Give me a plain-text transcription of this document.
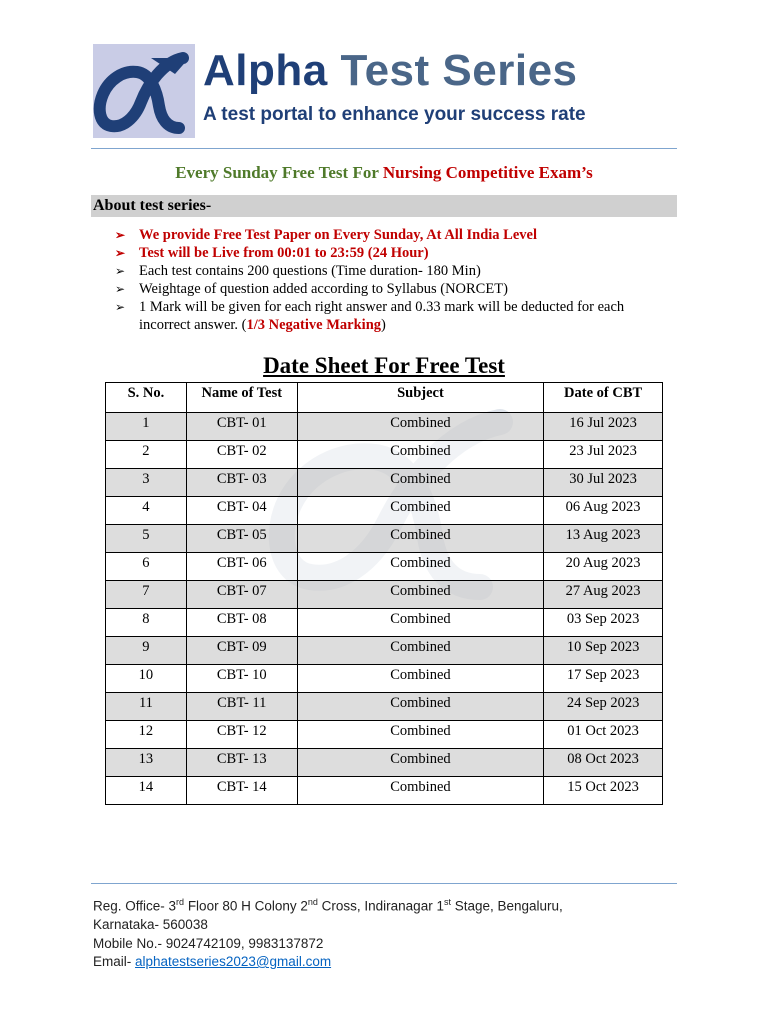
Alpha Test Series
A test portal to enhance your success rate
Every Sunday Free Test For Nursing Competitive Exam’s
About test series-
➢ We provide Free Test Paper on Every Sunday, At All India Level
➢ Test will be Live from 00:01 to 23:59 (24 Hour)
➢ Each test contains 200 questions (Time duration- 180 Min)
➢ Weightage of question added according to Syllabus (NORCET)
➢ 1 Mark will be given for each right answer and 0.33 mark will be deducted for each incorrect answer. (1/3 Negative Marking)
Date Sheet For Free Test
S. No.	Name of Test	Subject	Date of CBT
1	CBT- 01	Combined	16 Jul 2023
2	CBT- 02	Combined	23 Jul 2023
3	CBT- 03	Combined	30 Jul 2023
4	CBT- 04	Combined	06 Aug 2023
5	CBT- 05	Combined	13 Aug 2023
6	CBT- 06	Combined	20 Aug 2023
7	CBT- 07	Combined	27 Aug 2023
8	CBT- 08	Combined	03 Sep 2023
9	CBT- 09	Combined	10 Sep 2023
10	CBT- 10	Combined	17 Sep 2023
11	CBT- 11	Combined	24 Sep 2023
12	CBT- 12	Combined	01 Oct 2023
13	CBT- 13	Combined	08 Oct 2023
14	CBT- 14	Combined	15 Oct 2023
Reg. Office- 3rd Floor 80 H Colony 2nd Cross, Indiranagar 1st Stage, Bengaluru,
Karnataka- 560038
Mobile No.- 9024742109, 9983137872
Email- alphatestseries2023@gmail.com
